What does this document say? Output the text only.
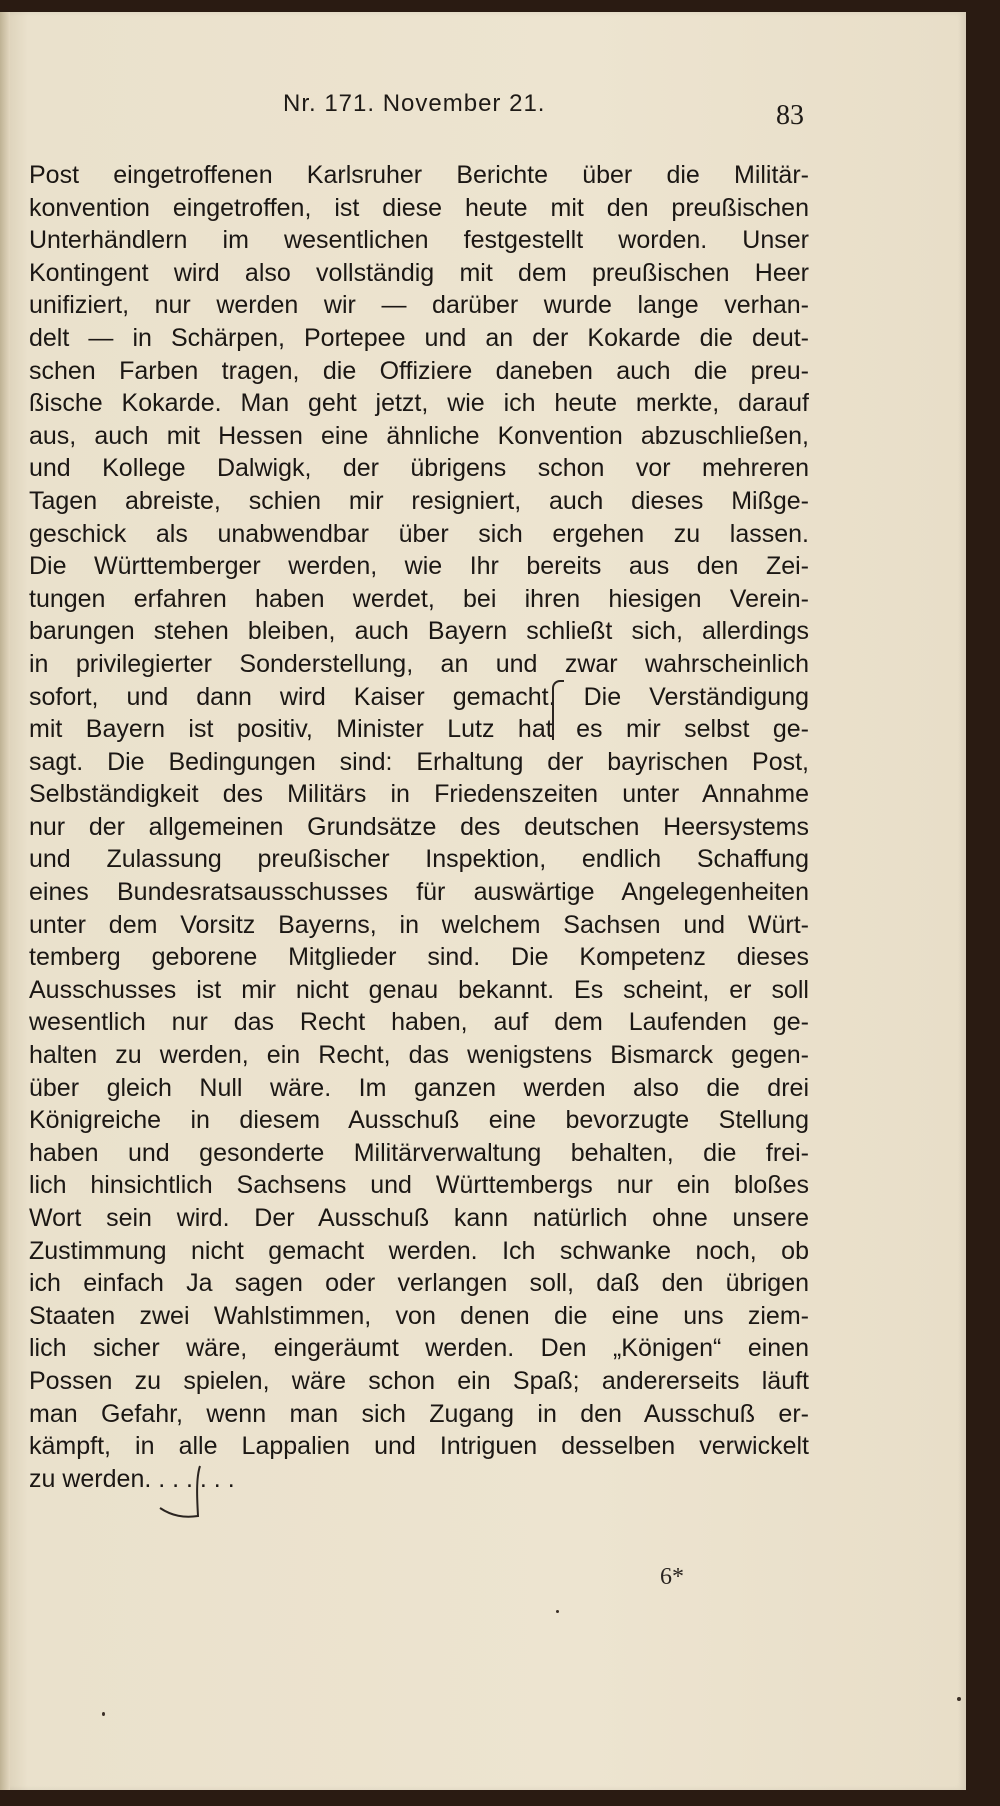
Nr. 171. November 21.	83
Post eingetroffenen Karlsruher Berichte über die Militär-
konvention eingetroffen, ist diese heute mit den preußischen
Unterhändlern im wesentlichen festgestellt worden. Unser
Kontingent wird also vollständig mit dem preußischen Heer
unifiziert, nur werden wir — darüber wurde lange verhan-
delt — in Schärpen, Portepee und an der Kokarde die deut-
schen Farben tragen, die Offiziere daneben auch die preu-
ßische Kokarde. Man geht jetzt, wie ich heute merkte, darauf
aus, auch mit Hessen eine ähnliche Konvention abzuschließen,
und Kollege Dalwigk, der übrigens schon vor mehreren
Tagen abreiste, schien mir resigniert, auch dieses Mißge-
geschick als unabwendbar über sich ergehen zu lassen.
Die Württemberger werden, wie Ihr bereits aus den Zei-
tungen erfahren haben werdet, bei ihren hiesigen Verein-
barungen stehen bleiben, auch Bayern schließt sich, allerdings
in privilegierter Sonderstellung, an und zwar wahrscheinlich
sofort, und dann wird Kaiser gemacht. Die Verständigung
mit Bayern ist positiv, Minister Lutz hat es mir selbst ge-
sagt. Die Bedingungen sind: Erhaltung der bayrischen Post,
Selbständigkeit des Militärs in Friedenszeiten unter Annahme
nur der allgemeinen Grundsätze des deutschen Heersystems
und Zulassung preußischer Inspektion, endlich Schaffung
eines Bundesratsausschusses für auswärtige Angelegenheiten
unter dem Vorsitz Bayerns, in welchem Sachsen und Würt-
temberg geborene Mitglieder sind. Die Kompetenz dieses
Ausschusses ist mir nicht genau bekannt. Es scheint, er soll
wesentlich nur das Recht haben, auf dem Laufenden ge-
halten zu werden, ein Recht, das wenigstens Bismarck gegen-
über gleich Null wäre. Im ganzen werden also die drei
Königreiche in diesem Ausschuß eine bevorzugte Stellung
haben und gesonderte Militärverwaltung behalten, die frei-
lich hinsichtlich Sachsens und Württembergs nur ein bloßes
Wort sein wird. Der Ausschuß kann natürlich ohne unsere
Zustimmung nicht gemacht werden. Ich schwanke noch, ob
ich einfach Ja sagen oder verlangen soll, daß den übrigen
Staaten zwei Wahlstimmen, von denen die eine uns ziem-
lich sicher wäre, eingeräumt werden. Den „Königen“ einen
Possen zu spielen, wäre schon ein Spaß; andererseits läuft
man Gefahr, wenn man sich Zugang in den Ausschuß er-
kämpft, in alle Lappalien und Intriguen desselben verwickelt
zu werden. . . . . . .
6*
